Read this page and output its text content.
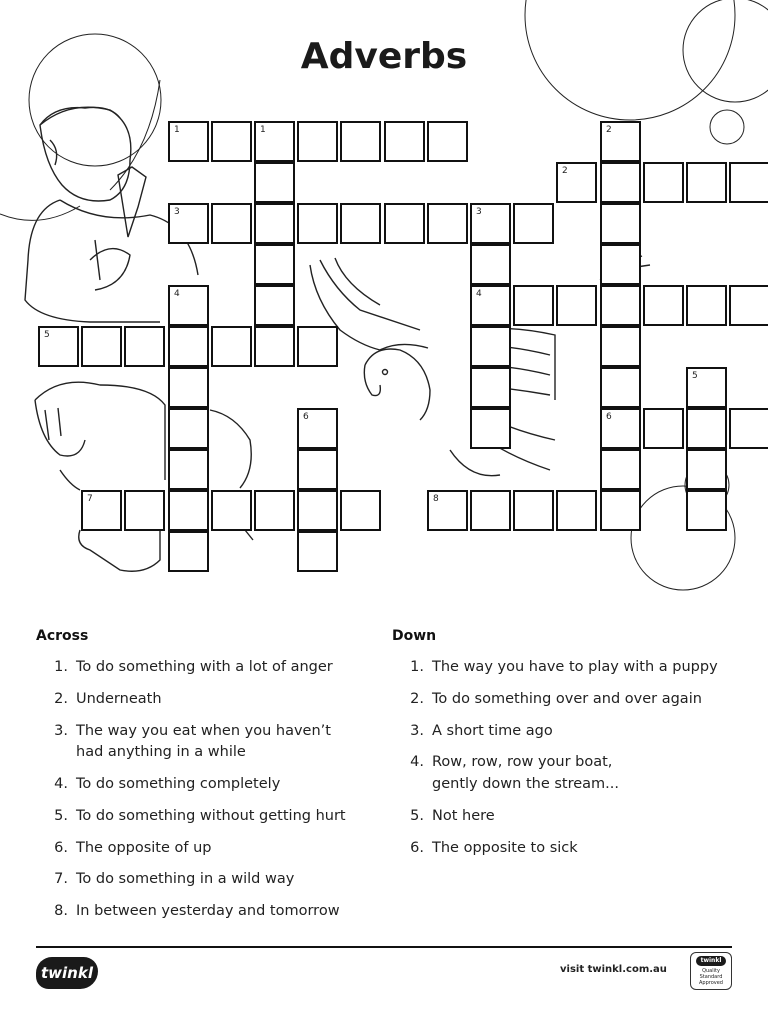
Adverbs
1	1
2
3	3
4
5
6
7	8
2
4
5
6
Across
1. To do something with a lot of anger
2. Underneath
3. The way you eat when you haven’t
had anything in a while
4. To do something completely
5. To do something without getting hurt
6. The opposite of up
7. To do something in a wild way
8. In between yesterday and tomorrow
Down
1. The way you have to play with a puppy
2. To do something over and over again
3. A short time ago
4. Row, row, row your boat,
gently down the stream...
5. Not here
6. The opposite to sick
twinkl	visit twinkl.com.au
twinkl
Quality Standard Approved
